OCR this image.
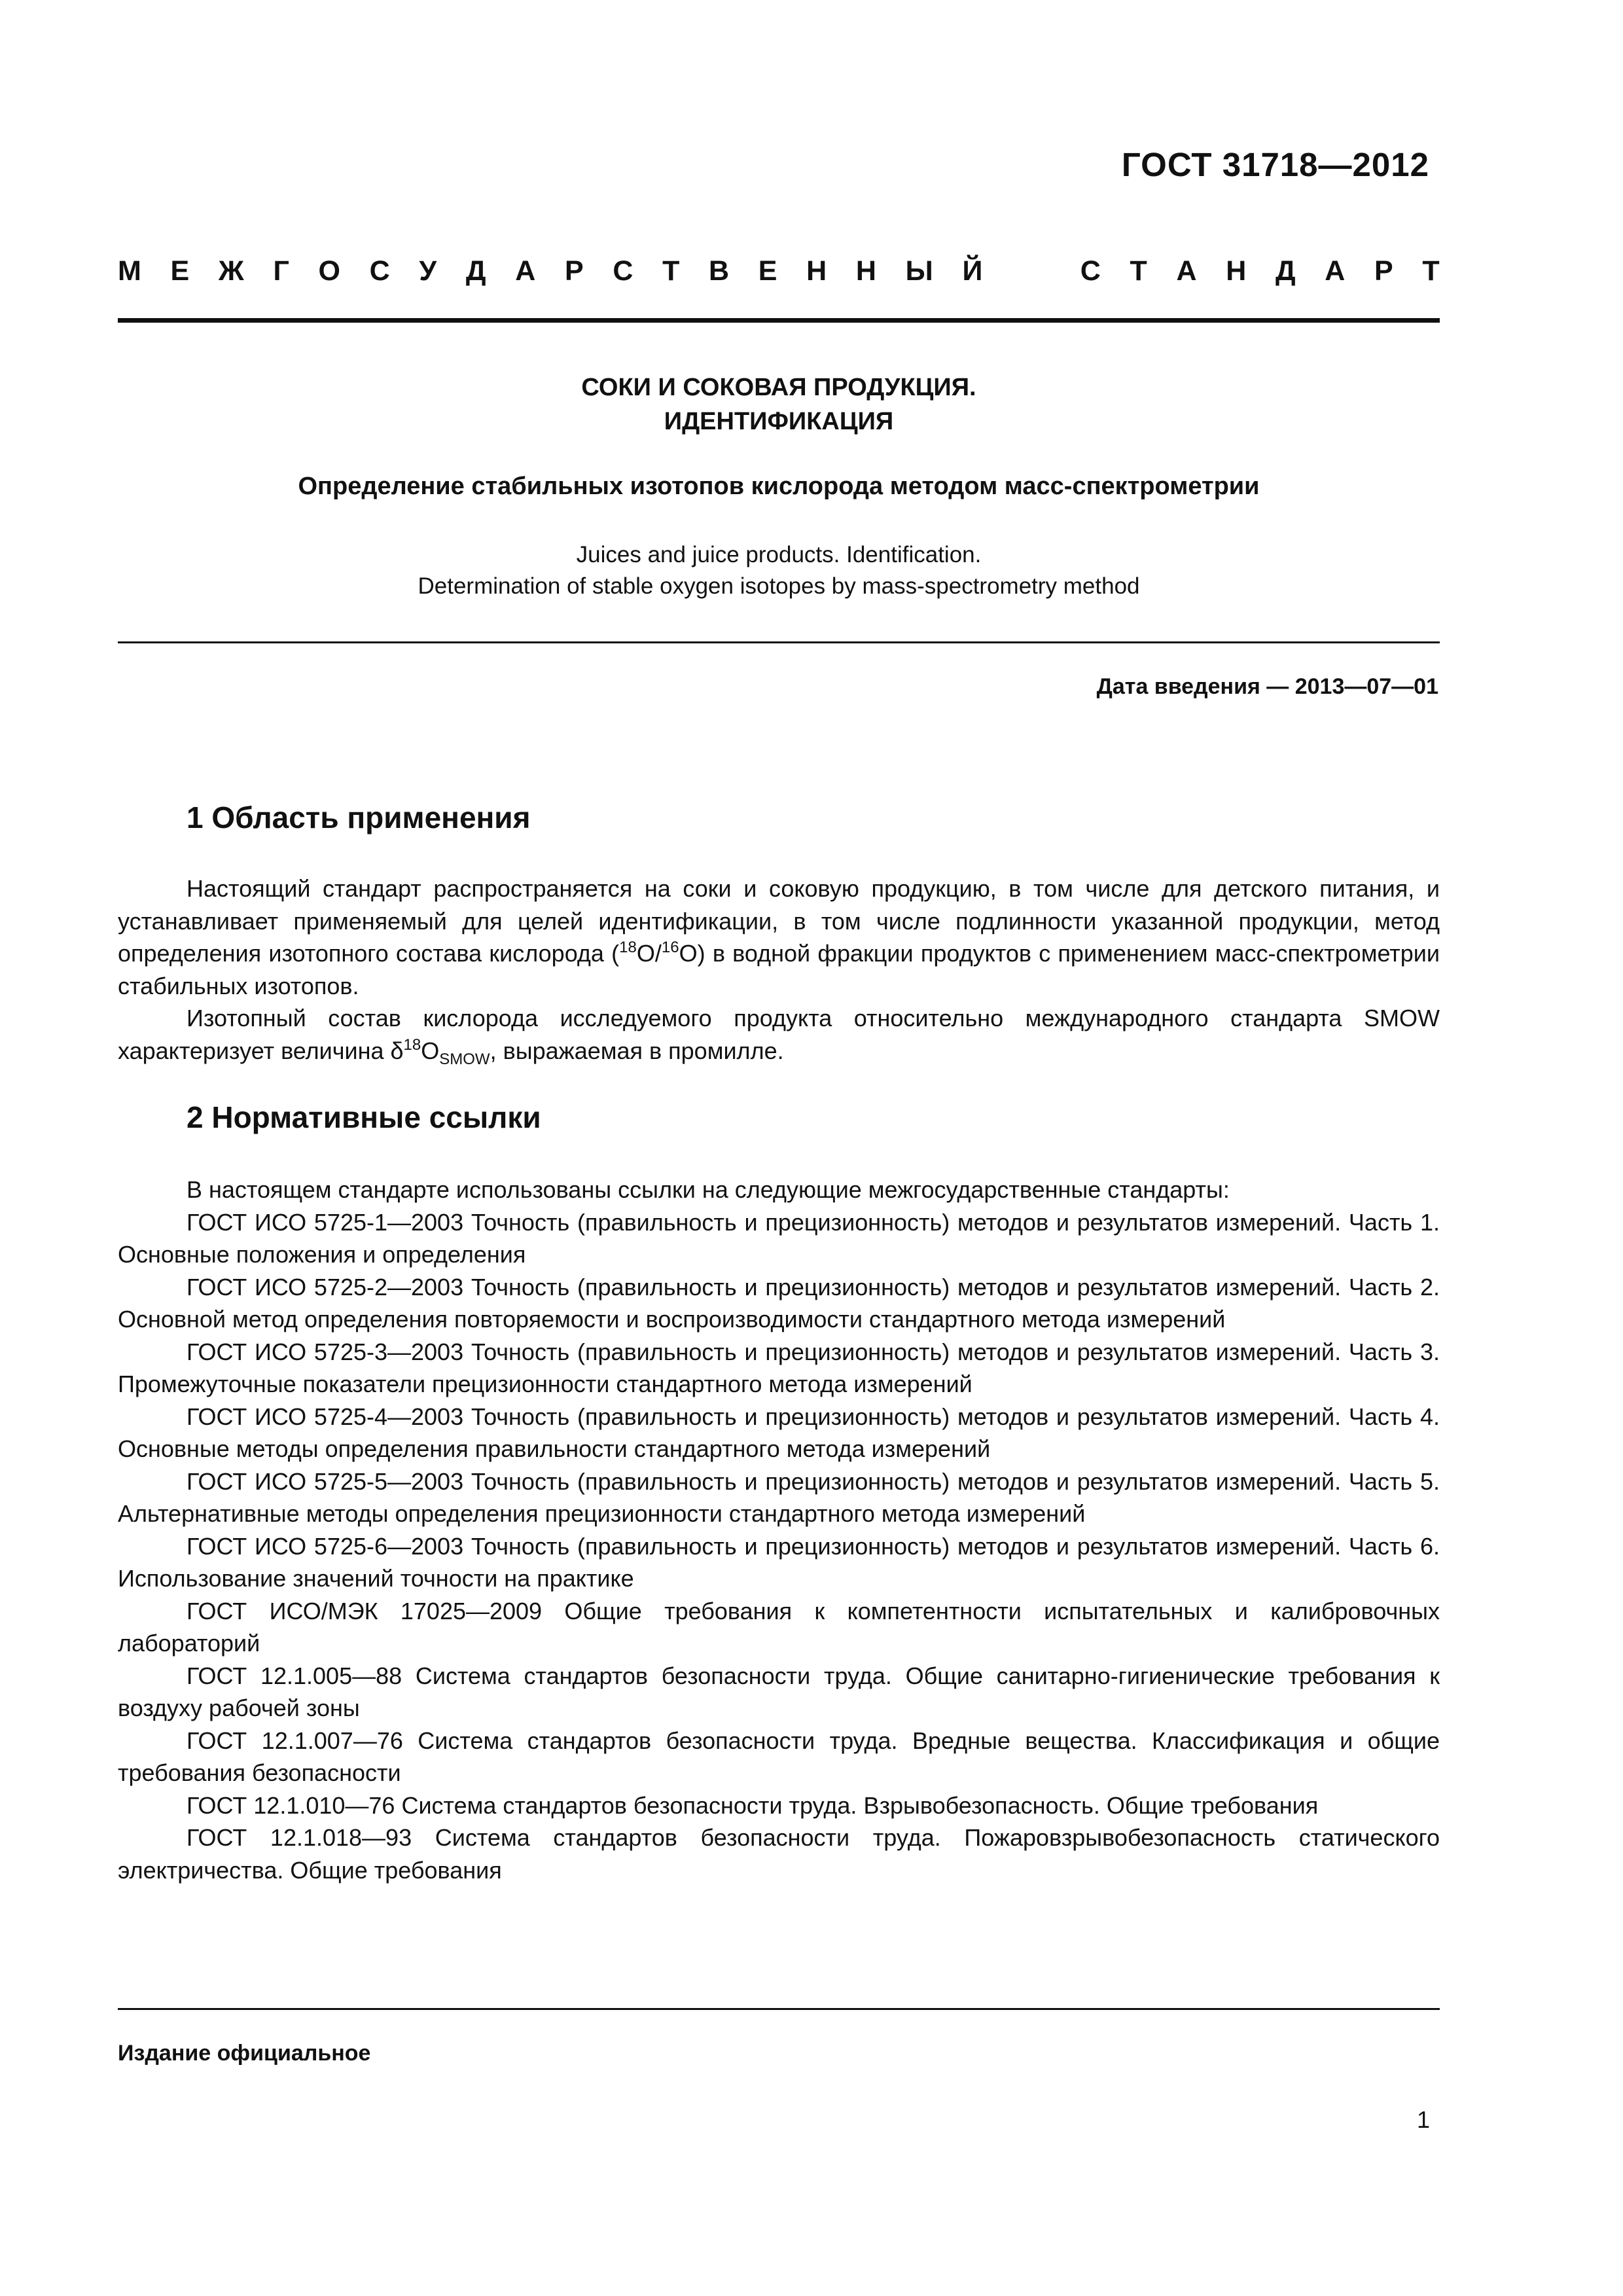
ГОСТ 31718—2012
М Е Ж Г О С У Д А Р С Т В Е Н Н Ы Й	С Т А Н Д А Р Т
СОКИ И СОКОВАЯ ПРОДУКЦИЯ.
ИДЕНТИФИКАЦИЯ
Определение стабильных изотопов кислорода методом масс-спектрометрии
Juices and juice products. Identification.
Determination of stable oxygen isotopes by mass-spectrometry method
Дата введения — 2013—07—01
1 Область применения

Настоящий стандарт распространяется на соки и соковую продукцию, в том числе для детского питания, и устанавливает применяемый для целей идентификации, в том числе подлинности указанной продукции, метод определения изотопного состава кислорода ($^{18}$O/$^{16}$O) в водной фракции продуктов с применением масс-спектрометрии стабильных изотопов.

Изотопный состав кислорода исследуемого продукта относительно международного стандарта SMOW характеризует величина $\delta^{18}O_{SMOW}$, выражаемая в промилле.

2 Нормативные ссылки

В настоящем стандарте использованы ссылки на следующие межгосударственные стандарты:

ГОСТ ИСО 5725-1—2003 Точность (правильность и прецизионность) методов и результатов измерений. Часть 1. Основные положения и определения

ГОСТ ИСО 5725-2—2003 Точность (правильность и прецизионность) методов и результатов измерений. Часть 2. Основной метод определения повторяемости и воспроизводимости стандартного метода измерений

ГОСТ ИСО 5725-3—2003 Точность (правильность и прецизионность) методов и результатов измерений. Часть 3. Промежуточные показатели прецизионности стандартного метода измерений

ГОСТ ИСО 5725-4—2003 Точность (правильность и прецизионность) методов и результатов измерений. Часть 4. Основные методы определения правильности стандартного метода измерений

ГОСТ ИСО 5725-5—2003 Точность (правильность и прецизионность) методов и результатов измерений. Часть 5. Альтернативные методы определения прецизионности стандартного метода измерений

ГОСТ ИСО 5725-6—2003 Точность (правильность и прецизионность) методов и результатов измерений. Часть 6. Использование значений точности на практике

ГОСТ ИСО/МЭК 17025—2009 Общие требования к компетентности испытательных и калибровочных лабораторий

ГОСТ 12.1.005—88 Система стандартов безопасности труда. Общие санитарно-гигиенические требования к воздуху рабочей зоны

ГОСТ 12.1.007—76 Система стандартов безопасности труда. Вредные вещества. Классификация и общие требования безопасности

ГОСТ 12.1.010—76 Система стандартов безопасности труда. Взрывобезопасность. Общие требования

ГОСТ 12.1.018—93 Система стандартов безопасности труда. Пожаровзрывобезопасность статического электричества. Общие требования

Издание официальное
1
